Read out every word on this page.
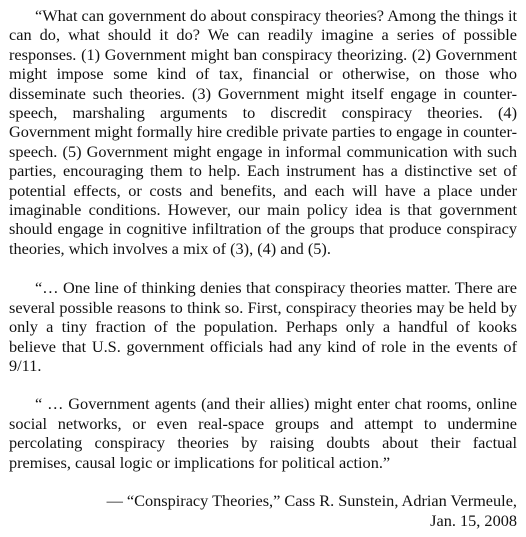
“What can government do about conspiracy theories? Among the things it can do, what should it do? We can readily imagine a series of possible responses. (1) Government might ban conspiracy theorizing. (2) Government might impose some kind of tax, financial or otherwise, on those who disseminate such theories. (3) Government might itself engage in counter-speech, marshaling arguments to discredit conspiracy theories. (4) Government might formally hire credible private parties to engage in counter-speech. (5) Government might engage in informal communication with such parties, encouraging them to help. Each instrument has a distinctive set of potential effects, or costs and benefits, and each will have a place under imaginable conditions. However, our main policy idea is that government should engage in cognitive infiltration of the groups that produce conspiracy theories, which involves a mix of (3), (4) and (5).

“… One line of thinking denies that conspiracy theories matter. There are several possible reasons to think so. First, conspiracy theories may be held by only a tiny fraction of the population. Perhaps only a handful of kooks believe that U.S. government officials had any kind of role in the events of 9/11.

“ … Government agents (and their allies) might enter chat rooms, online social networks, or even real-space groups and attempt to undermine percolating conspiracy theories by raising doubts about their factual premises, causal logic or implications for political action.”

— “Conspiracy Theories,” Cass R. Sunstein, Adrian Vermeule,
Jan. 15, 2008
